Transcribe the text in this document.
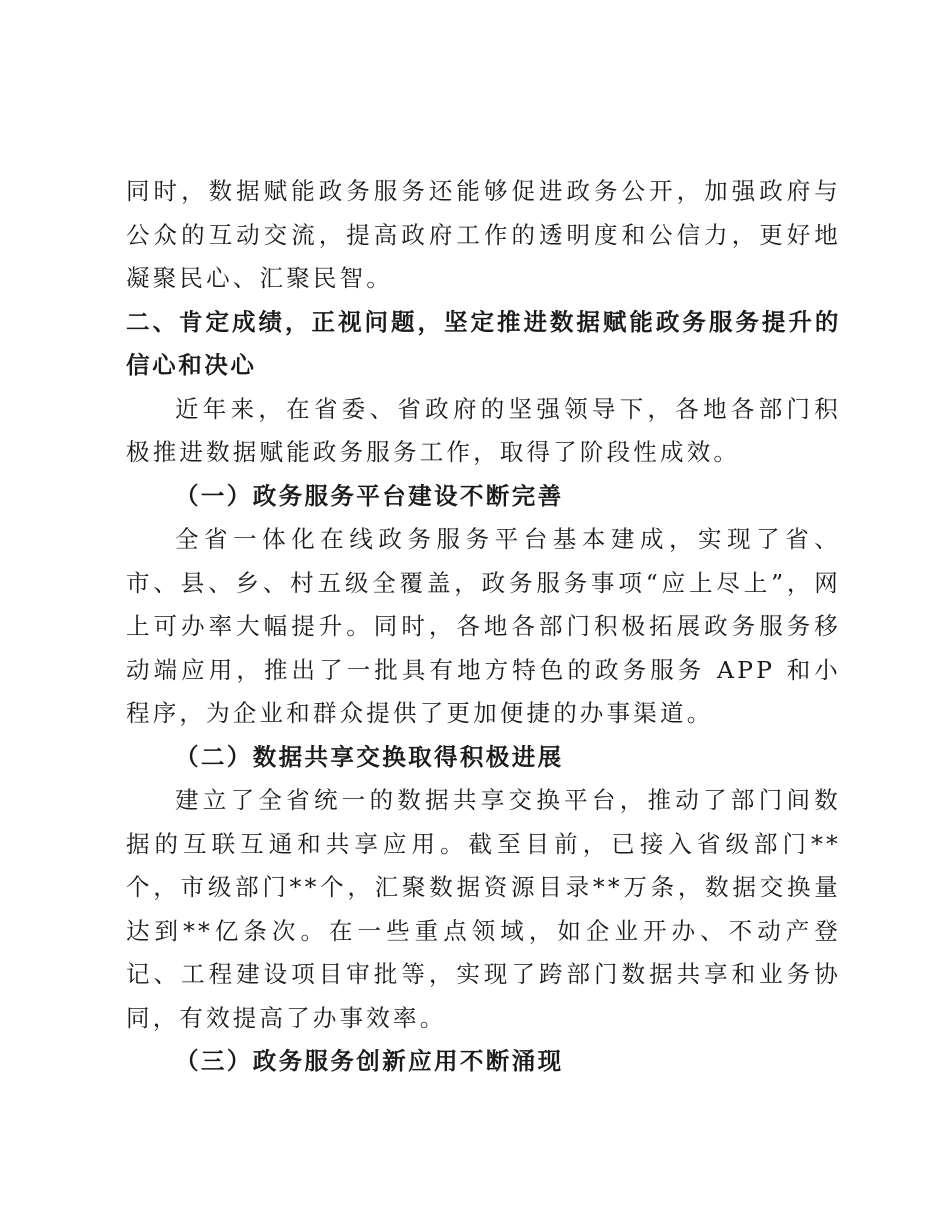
同时，数据赋能政务服务还能够促进政务公开，加强政府与公众的互动交流，提高政府工作的透明度和公信力，更好地凝聚民心、汇聚民智。

二、肯定成绩，正视问题，坚定推进数据赋能政务服务提升的信心和决心

近年来，在省委、省政府的坚强领导下，各地各部门积极推进数据赋能政务服务工作，取得了阶段性成效。

（一）政务服务平台建设不断完善

全省一体化在线政务服务平台基本建成，实现了省、市、县、乡、村五级全覆盖，政务服务事项“应上尽上”，网上可办率大幅提升。同时，各地各部门积极拓展政务服务移动端应用，推出了一批具有地方特色的政务服务 APP 和小程序，为企业和群众提供了更加便捷的办事渠道。

（二）数据共享交换取得积极进展

建立了全省统一的数据共享交换平台，推动了部门间数据的互联互通和共享应用。截至目前，已接入省级部门**个，市级部门**个，汇聚数据资源目录**万条，数据交换量达到**亿条次。在一些重点领域，如企业开办、不动产登记、工程建设项目审批等，实现了跨部门数据共享和业务协同，有效提高了办事效率。

（三）政务服务创新应用不断涌现
